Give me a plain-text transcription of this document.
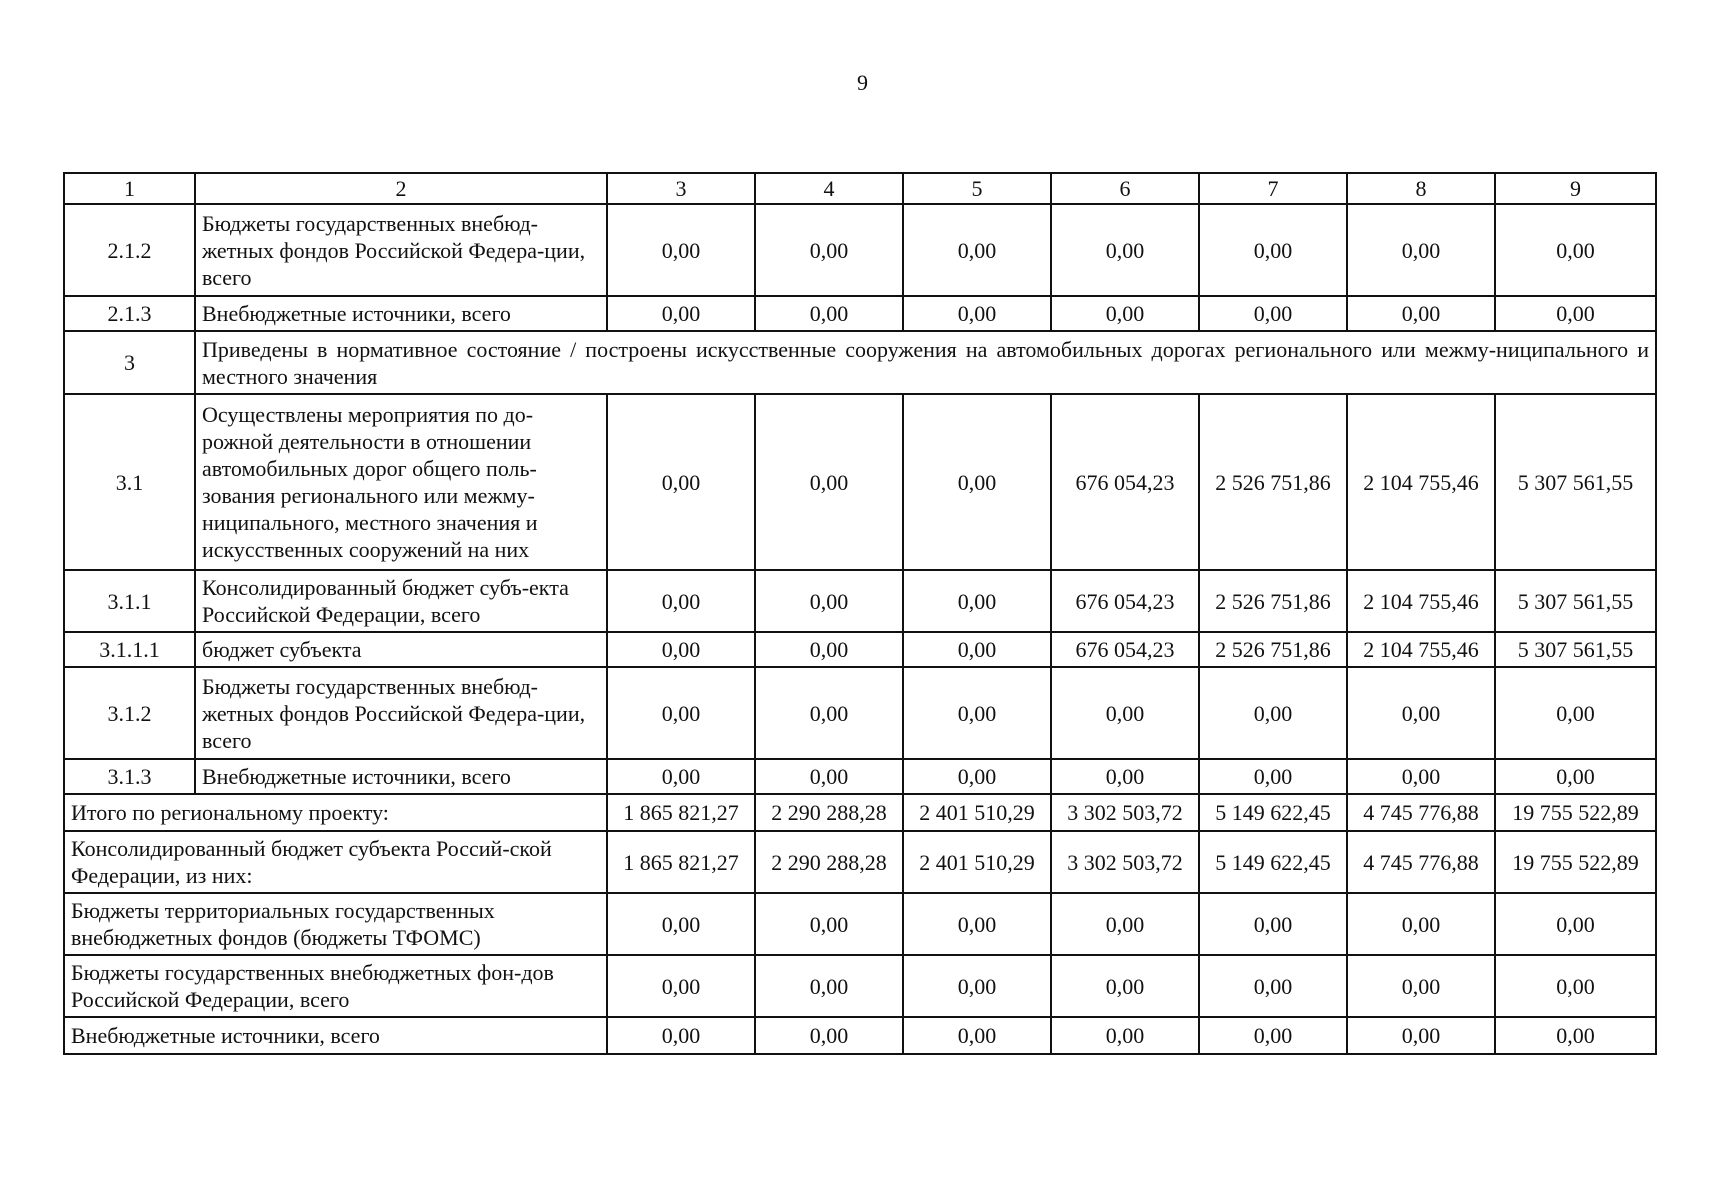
9
1	2	3	4	5	6	7	8	9
2.1.2	Бюджеты государственных внебюд-жетных фондов Российской Федера-ции, всего	0,00	0,00	0,00	0,00	0,00	0,00	0,00
2.1.3	Внебюджетные источники, всего	0,00	0,00	0,00	0,00	0,00	0,00	0,00
3	Приведены в нормативное состояние / построены искусственные сооружения на автомобильных дорогах регионального или межму-ниципального и местного значения							
3.1	Осуществлены мероприятия по до-рожной деятельности в отношении автомобильных дорог общего поль-зования регионального или межму-ниципального, местного значения и искусственных сооружений на них	0,00	0,00	0,00	676 054,23	2 526 751,86	2 104 755,46	5 307 561,55
3.1.1	Консолидированный бюджет субъ-екта Российской Федерации, всего	0,00	0,00	0,00	676 054,23	2 526 751,86	2 104 755,46	5 307 561,55
3.1.1.1	бюджет субъекта	0,00	0,00	0,00	676 054,23	2 526 751,86	2 104 755,46	5 307 561,55
3.1.2	Бюджеты государственных внебюд-жетных фондов Российской Федера-ции, всего	0,00	0,00	0,00	0,00	0,00	0,00	0,00
3.1.3	Внебюджетные источники, всего	0,00	0,00	0,00	0,00	0,00	0,00	0,00
Итого по региональному проекту:		1 865 821,27	2 290 288,28	2 401 510,29	3 302 503,72	5 149 622,45	4 745 776,88	19 755 522,89
Консолидированный бюджет субъекта Россий-ской Федерации, из них:		1 865 821,27	2 290 288,28	2 401 510,29	3 302 503,72	5 149 622,45	4 745 776,88	19 755 522,89
Бюджеты территориальных государственных внебюджетных фондов (бюджеты ТФОМС)		0,00	0,00	0,00	0,00	0,00	0,00	0,00
Бюджеты государственных внебюджетных фон-дов Российской Федерации, всего		0,00	0,00	0,00	0,00	0,00	0,00	0,00
Внебюджетные источники, всего		0,00	0,00	0,00	0,00	0,00	0,00	0,00
